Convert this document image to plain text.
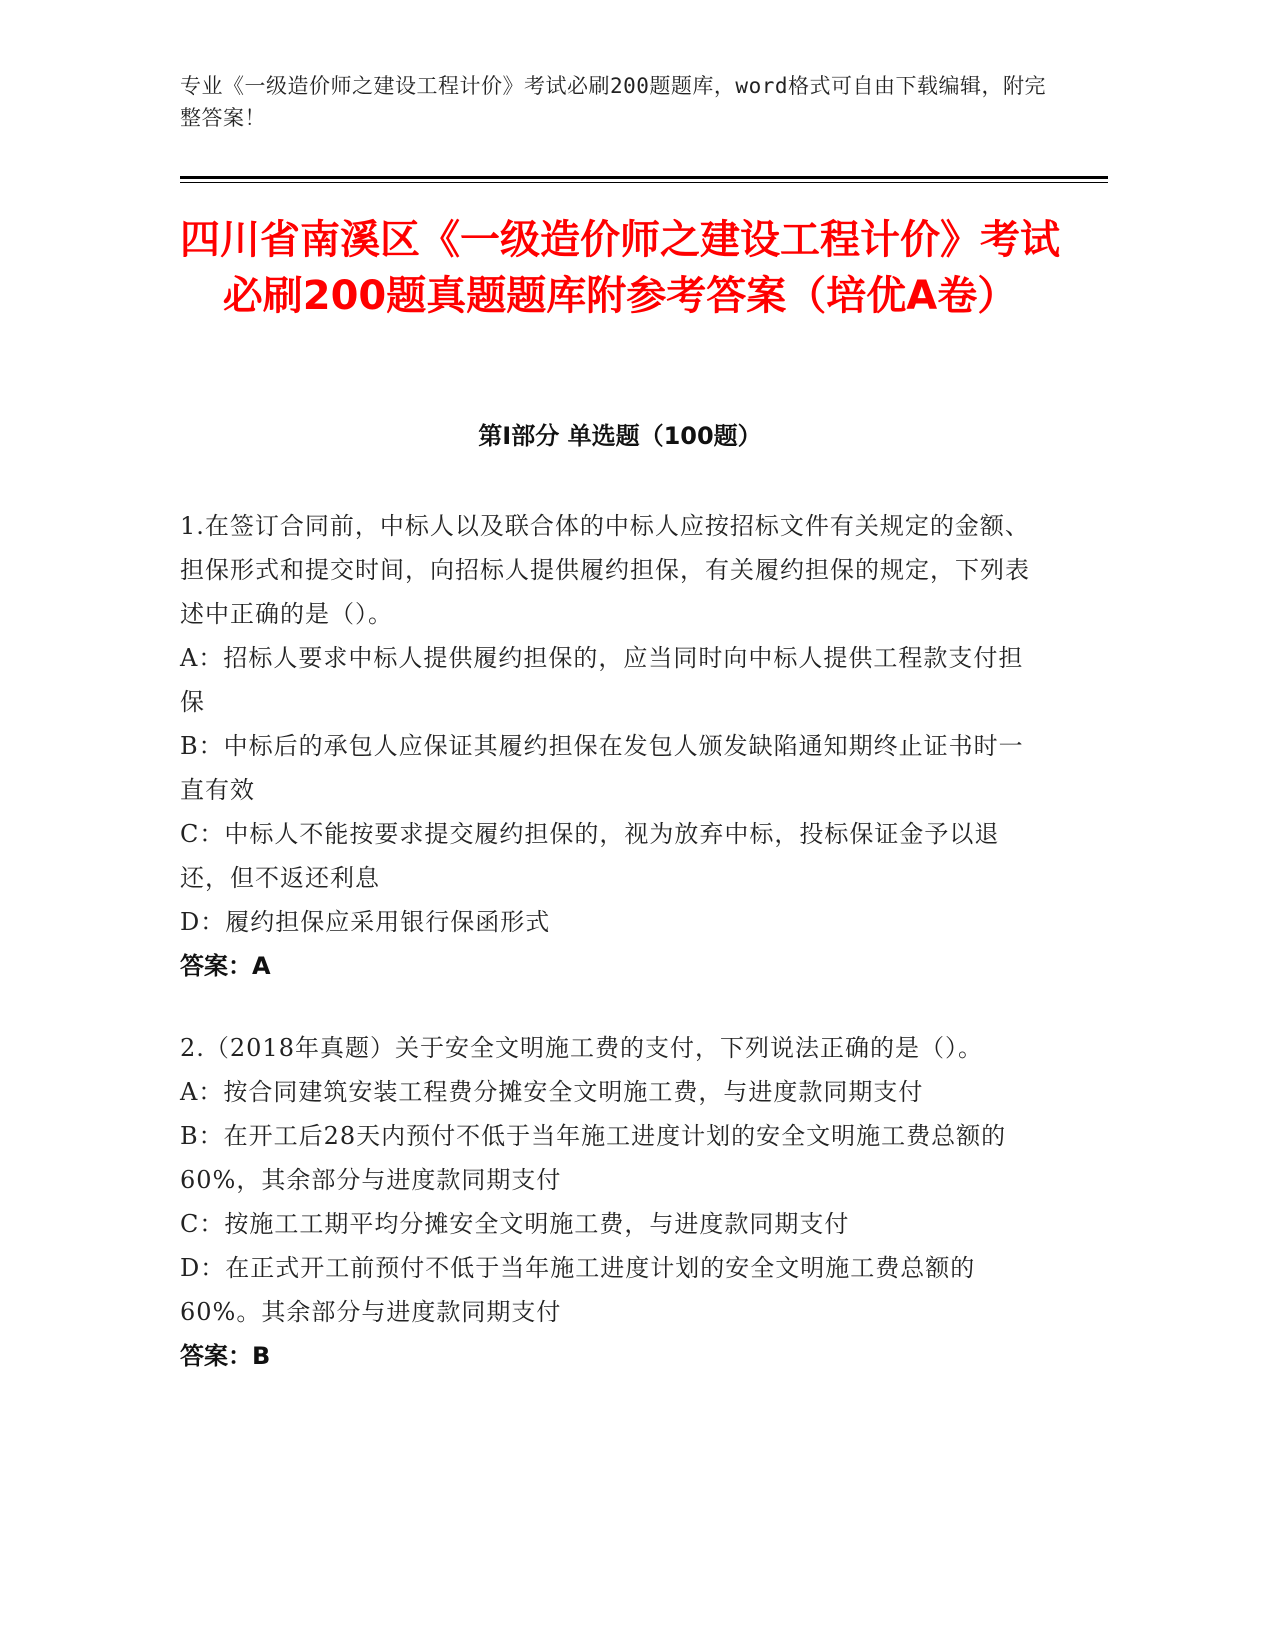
专业《一级造价师之建设工程计价》考试必刷200题题库，word格式可自由下载编辑，附完整答案！
四川省南溪区《一级造价师之建设工程计价》考试必刷200题真题题库附参考答案（培优A卷）
第I部分 单选题（100题）
1.在签订合同前，中标人以及联合体的中标人应按招标文件有关规定的金额、担保形式和提交时间，向招标人提供履约担保，有关履约担保的规定，下列表述中正确的是（）。
A：招标人要求中标人提供履约担保的，应当同时向中标人提供工程款支付担保
B：中标后的承包人应保证其履约担保在发包人颁发缺陷通知期终止证书时一直有效
C：中标人不能按要求提交履约担保的，视为放弃中标，投标保证金予以退还，但不返还利息
D：履约担保应采用银行保函形式
答案：A
2.（2018年真题）关于安全文明施工费的支付，下列说法正确的是（）。
A：按合同建筑安装工程费分摊安全文明施工费，与进度款同期支付
B：在开工后28天内预付不低于当年施工进度计划的安全文明施工费总额的60%，其余部分与进度款同期支付
C：按施工工期平均分摊安全文明施工费，与进度款同期支付
D：在正式开工前预付不低于当年施工进度计划的安全文明施工费总额的60%。其余部分与进度款同期支付
答案：B
